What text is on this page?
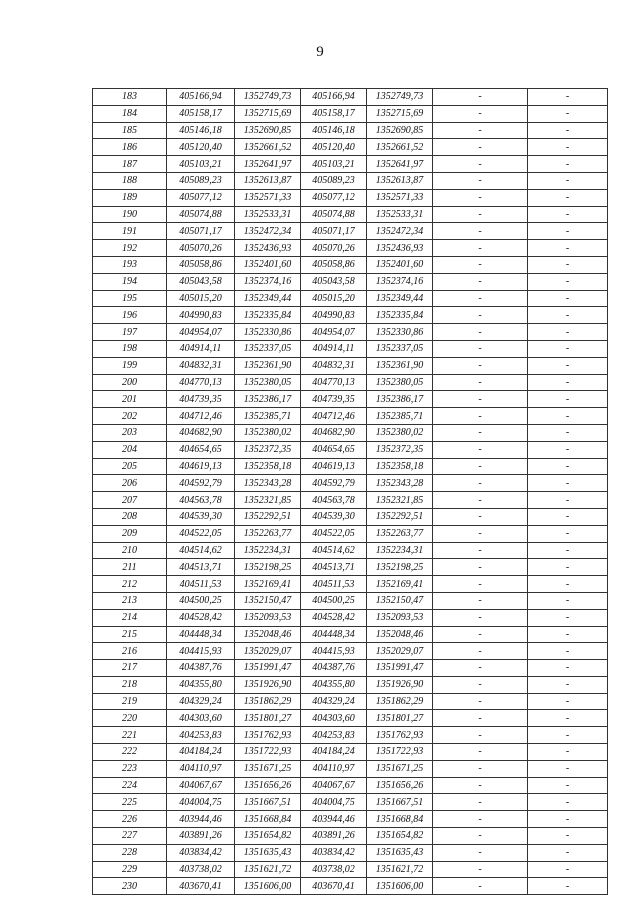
9
183	405166,94	1352749,73	405166,94	1352749,73	-	-
184	405158,17	1352715,69	405158,17	1352715,69	-	-
185	405146,18	1352690,85	405146,18	1352690,85	-	-
186	405120,40	1352661,52	405120,40	1352661,52	-	-
187	405103,21	1352641,97	405103,21	1352641,97	-	-
188	405089,23	1352613,87	405089,23	1352613,87	-	-
189	405077,12	1352571,33	405077,12	1352571,33	-	-
190	405074,88	1352533,31	405074,88	1352533,31	-	-
191	405071,17	1352472,34	405071,17	1352472,34	-	-
192	405070,26	1352436,93	405070,26	1352436,93	-	-
193	405058,86	1352401,60	405058,86	1352401,60	-	-
194	405043,58	1352374,16	405043,58	1352374,16	-	-
195	405015,20	1352349,44	405015,20	1352349,44	-	-
196	404990,83	1352335,84	404990,83	1352335,84	-	-
197	404954,07	1352330,86	404954,07	1352330,86	-	-
198	404914,11	1352337,05	404914,11	1352337,05	-	-
199	404832,31	1352361,90	404832,31	1352361,90	-	-
200	404770,13	1352380,05	404770,13	1352380,05	-	-
201	404739,35	1352386,17	404739,35	1352386,17	-	-
202	404712,46	1352385,71	404712,46	1352385,71	-	-
203	404682,90	1352380,02	404682,90	1352380,02	-	-
204	404654,65	1352372,35	404654,65	1352372,35	-	-
205	404619,13	1352358,18	404619,13	1352358,18	-	-
206	404592,79	1352343,28	404592,79	1352343,28	-	-
207	404563,78	1352321,85	404563,78	1352321,85	-	-
208	404539,30	1352292,51	404539,30	1352292,51	-	-
209	404522,05	1352263,77	404522,05	1352263,77	-	-
210	404514,62	1352234,31	404514,62	1352234,31	-	-
211	404513,71	1352198,25	404513,71	1352198,25	-	-
212	404511,53	1352169,41	404511,53	1352169,41	-	-
213	404500,25	1352150,47	404500,25	1352150,47	-	-
214	404528,42	1352093,53	404528,42	1352093,53	-	-
215	404448,34	1352048,46	404448,34	1352048,46	-	-
216	404415,93	1352029,07	404415,93	1352029,07	-	-
217	404387,76	1351991,47	404387,76	1351991,47	-	-
218	404355,80	1351926,90	404355,80	1351926,90	-	-
219	404329,24	1351862,29	404329,24	1351862,29	-	-
220	404303,60	1351801,27	404303,60	1351801,27	-	-
221	404253,83	1351762,93	404253,83	1351762,93	-	-
222	404184,24	1351722,93	404184,24	1351722,93	-	-
223	404110,97	1351671,25	404110,97	1351671,25	-	-
224	404067,67	1351656,26	404067,67	1351656,26	-	-
225	404004,75	1351667,51	404004,75	1351667,51	-	-
226	403944,46	1351668,84	403944,46	1351668,84	-	-
227	403891,26	1351654,82	403891,26	1351654,82	-	-
228	403834,42	1351635,43	403834,42	1351635,43	-	-
229	403738,02	1351621,72	403738,02	1351621,72	-	-
230	403670,41	1351606,00	403670,41	1351606,00	-	-
